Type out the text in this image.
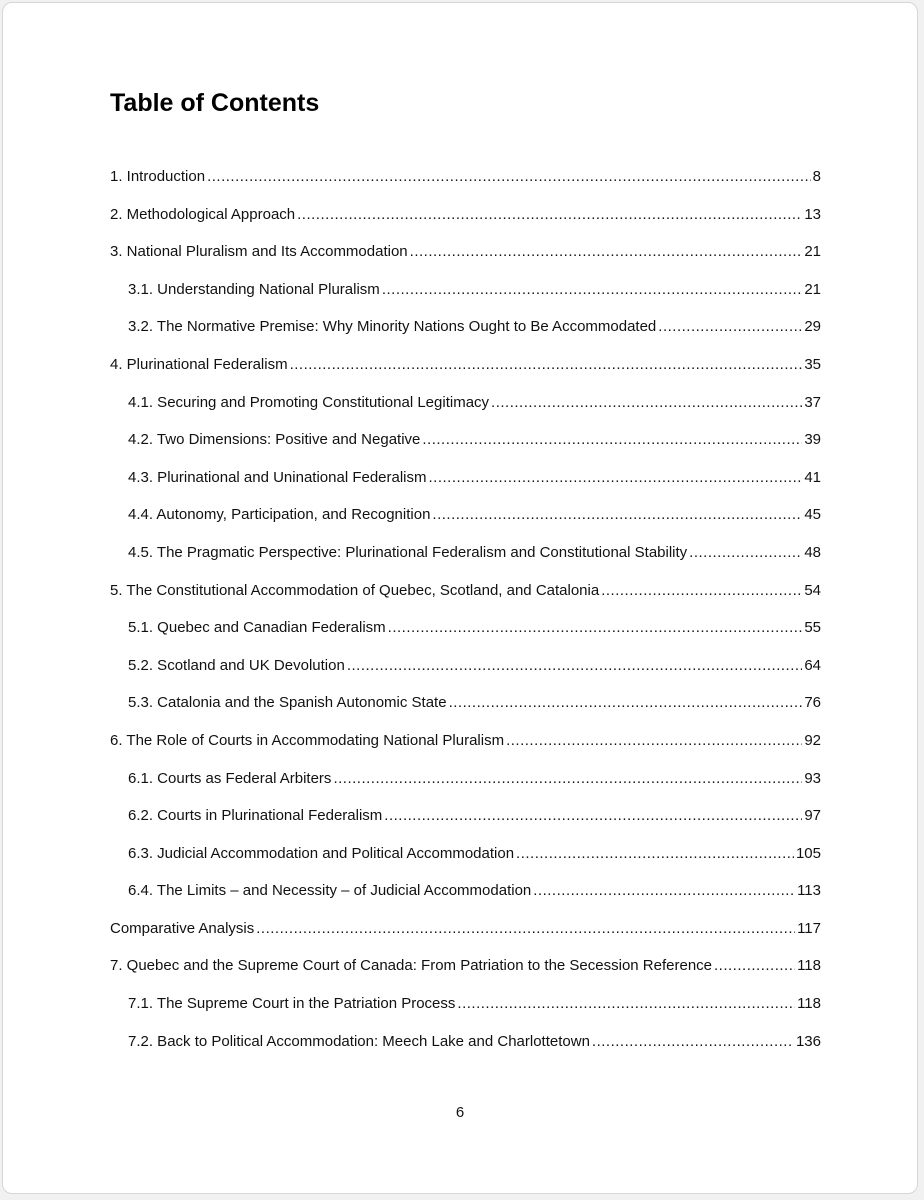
Table of Contents
1. Introduction .....	8
2. Methodological Approach .....	13
3. National Pluralism and Its Accommodation .....	21
3.1. Understanding National Pluralism .....	21
3.2. The Normative Premise: Why Minority Nations Ought to Be Accommodated .....	29
4. Plurinational Federalism .....	35
4.1. Securing and Promoting Constitutional Legitimacy .....	37
4.2. Two Dimensions: Positive and Negative .....	39
4.3. Plurinational and Uninational Federalism .....	41
4.4. Autonomy, Participation, and Recognition .....	45
4.5. The Pragmatic Perspective: Plurinational Federalism and Constitutional Stability .....	48
5. The Constitutional Accommodation of Quebec, Scotland, and Catalonia .....	54
5.1. Quebec and Canadian Federalism .....	55
5.2. Scotland and UK Devolution .....	64
5.3. Catalonia and the Spanish Autonomic State .....	76
6. The Role of Courts in Accommodating National Pluralism .....	92
6.1. Courts as Federal Arbiters .....	93
6.2. Courts in Plurinational Federalism .....	97
6.3. Judicial Accommodation and Political Accommodation .....	105
6.4. The Limits – and Necessity – of Judicial Accommodation .....	113
Comparative Analysis .....	117
7. Quebec and the Supreme Court of Canada: From Patriation to the Secession Reference .....	118
7.1. The Supreme Court in the Patriation Process .....	118
7.2. Back to Political Accommodation: Meech Lake and Charlottetown .....	136
6
